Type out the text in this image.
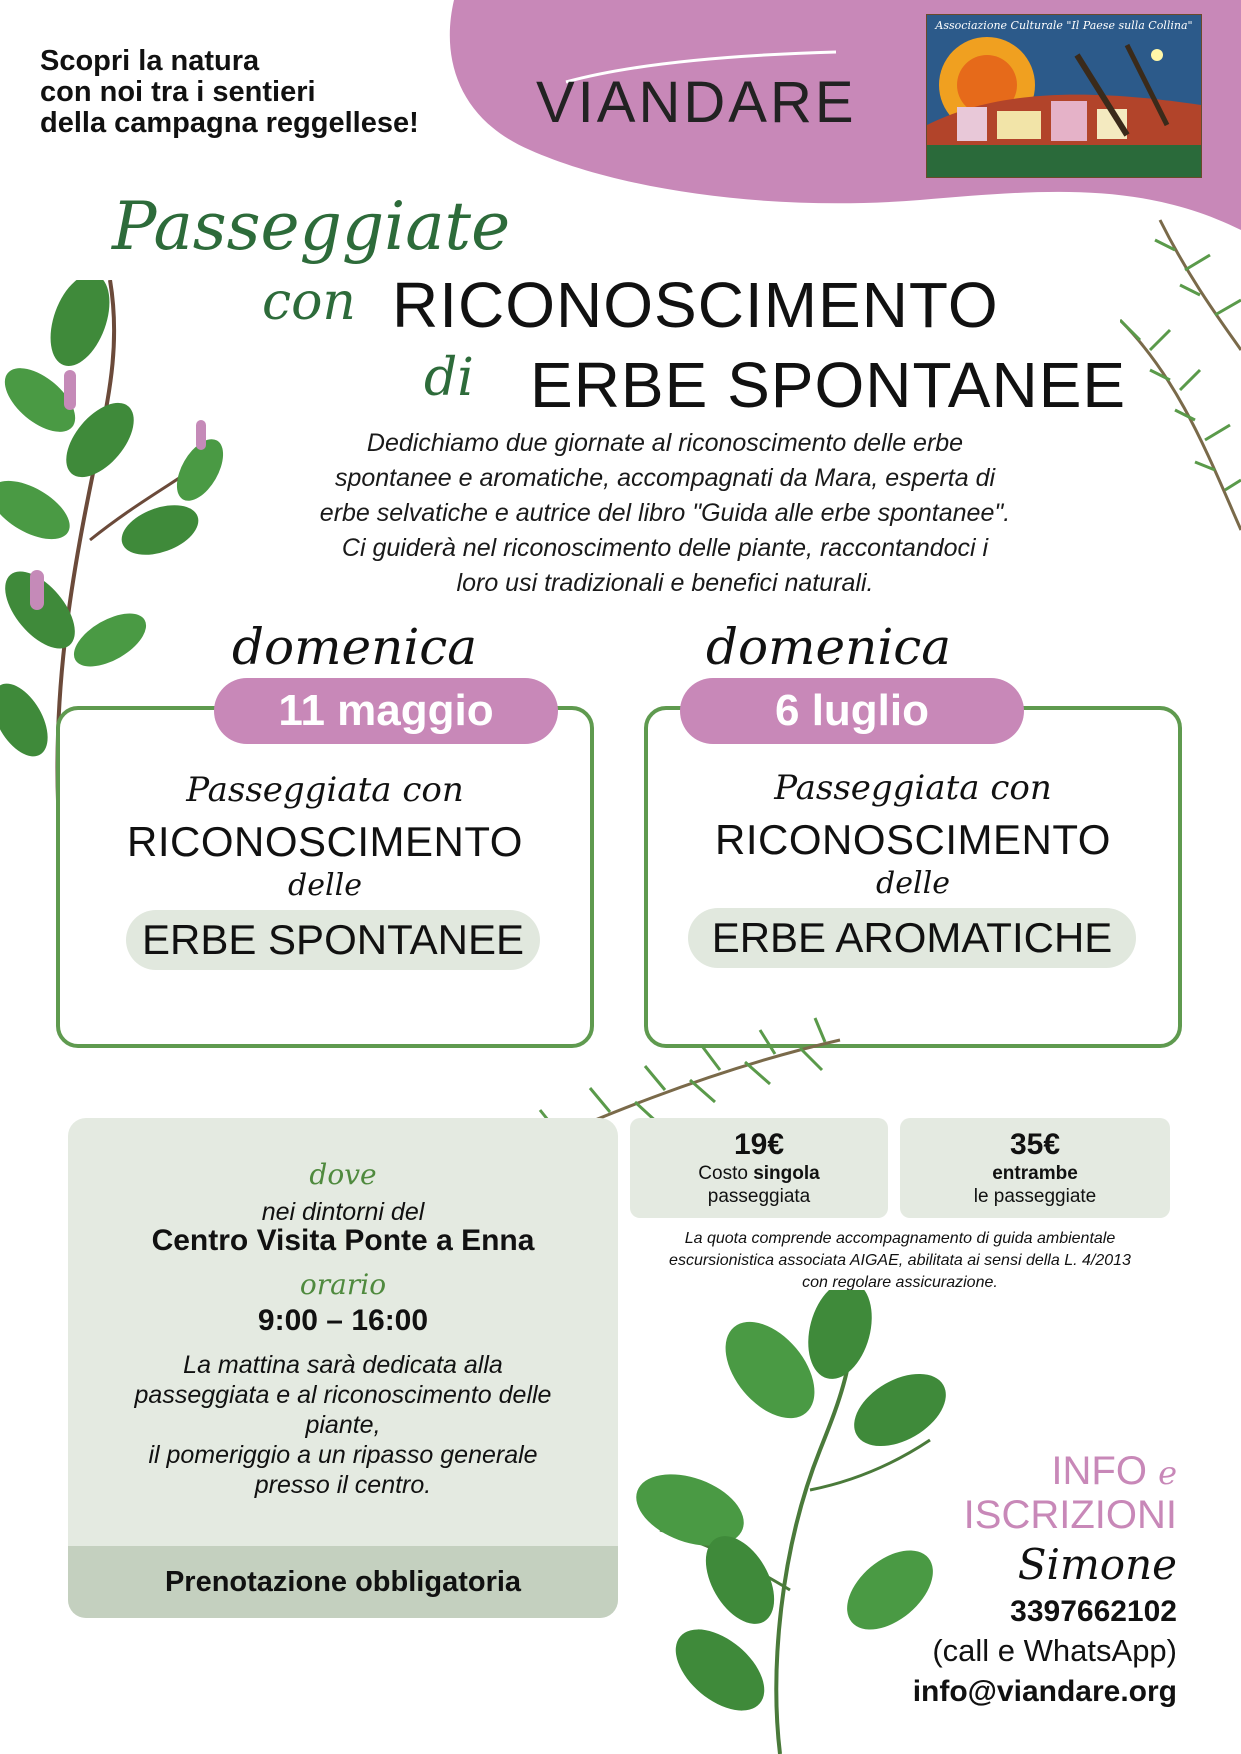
Scopri la natura
con noi tra i sentieri
della campagna reggellese! VIANDARE
Associazione Culturale "Il Paese sulla Collina"
Passeggiate
con RICONOSCIMENTO
di ERBE SPONTANEE
Dedichiamo due giornate al riconoscimento delle erbe
spontanee e aromatiche, accompagnati da Mara, esperta di
erbe selvatiche e autrice del libro "Guida alle erbe spontanee".
Ci guiderà nel riconoscimento delle piante, raccontandoci i
loro usi tradizionali e benefici naturali.
domenica
11 maggio
Passeggiata con
RICONOSCIMENTO
delle
ERBE SPONTANEE
domenica
6 luglio
Passeggiata con
RICONOSCIMENTO
delle
ERBE AROMATICHE
dove
nei dintorni del
Centro Visita Ponte a Enna
orario
9:00 – 16:00
La mattina sarà dedicata alla
passeggiata e al riconoscimento delle
piante,
il pomeriggio a un ripasso generale
presso il centro.
Prenotazione obbligatoria
19€
Costo singola
passeggiata
35€
entrambe
le passeggiate
La quota comprende accompagnamento di guida ambientale
escursionistica associata AIGAE, abilitata ai sensi della L. 4/2013
con regolare assicurazione.
INFO e
ISCRIZIONI
Simone
3397662102
(call e WhatsApp)
info@viandare.org
